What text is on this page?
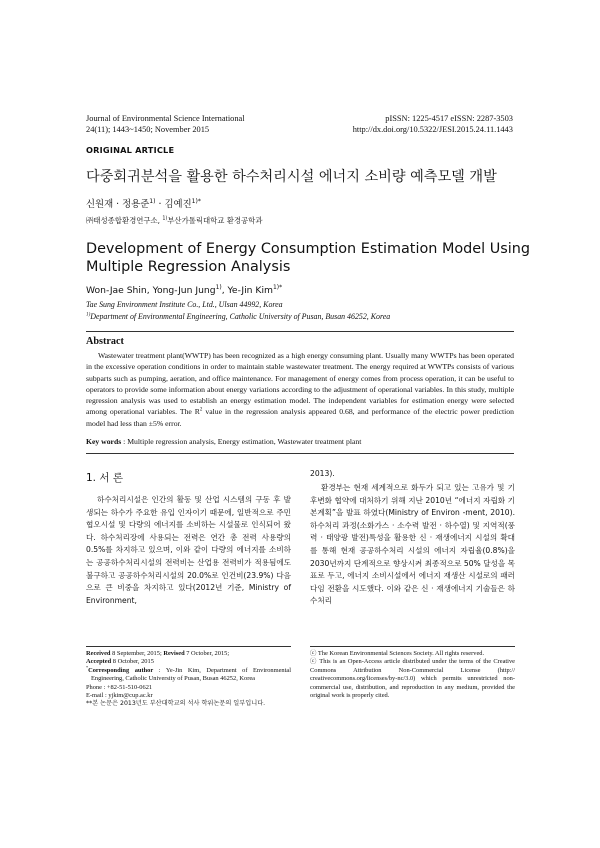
Journal of Environmental Science International
24(11); 1443~1450; November 2015
pISSN: 1225-4517 eISSN: 2287-3503
http://dx.doi.org/10.5322/JESI.2015.24.11.1443
ORIGINAL ARTICLE
다중회귀분석을 활용한 하수처리시설 에너지 소비량 예측모델 개발
신원재 · 정용준$^{1)}$ · 김예진$^{1)*}$
㈜태성종합환경연구소, $^{1)}$부산가톨릭대학교 환경공학과
Development of Energy Consumption Estimation Model Using
Multiple Regression Analysis
Won-Jae Shin, Yong-Jun Jung$^{1)}$, Ye-Jin Kim$^{1)*}$
Tae Sung Environment Institute Co., Ltd., Ulsan 44992, Korea
$^{1)}$Department of Environmental Engineering, Catholic University of Pusan, Busan 46252, Korea
Abstract
Wastewater treatment plant(WWTP) has been recognized as a high energy consuming plant. Usually many WWTPs has been operated in the excessive operation conditions in order to maintain stable wastewater treatment. The energy required at WWTPs consists of various subparts such as pumping, aeration, and office maintenance. For management of energy comes from process operation, it can be useful to operators to provide some information about energy variations according to the adjustment of operational variables. In this study, multiple regression analysis was used to establish an energy estimation model. The independent variables for estimation energy were selected among operational variables. The $R^2$ value in the regression analysis appeared 0.68, and performance of the electric power prediction model had less than ±5% error.
Key words : Multiple regression analysis, Energy estimation, Wastewater treatment plant
1. 서 론
하수처리시설은 인간의 활동 및 산업 시스템의 구동 후 발생되는 하수가 주요한 유입 인자이기 때문에, 일반적으로 주민 협오시설 및 다량의 에너지를 소비하는 시설물로 인식되어 왔다. 하수처리장에 사용되는 전력은 연간 총 전력 사용량의 0.5%를 차지하고 있으며, 이와 같이 다량의 에너지를 소비하는 공공하수처리시설의 전력비는 산업용 전력비가 적용됨에도 불구하고 공공하수처리시설의 20.0%로 인건비(23.9%) 다음으로 큰 비중을 차지하고 있다(2012년 기준, Ministry of Environment,
2013).
환경부는 현재 세계적으로 화두가 되고 있는 고유가 및 기후변화 협약에 대처하기 위해 지난 2010년 “에너지 자립화 기본계획”을 발표 하였다(Ministry of Environ -ment, 2010). 하수처리 과정(소화가스 · 소수력 발전 · 하수열) 및 지역적(풍력 · 태양광 발전)특성을 활용한 신 · 재생에너지 시설의 확대를 통해 현재 공공하수처리 시설의 에너지 자립율(0.8%)을 2030년까지 단계적으로 향상시켜 최종적으로 50% 달성을 목표로 두고, 에너지 소비시설에서 에너지 재생산 시설로의 패러다임 전환을 시도했다. 이와 같은 신 · 재생에너지 기술들은 하수처리
Received 8 September, 2015; Revised 7 October, 2015;
Accepted 8 October, 2015
*Corresponding author : Ye-Jin Kim, Department of Environmental Engineering, Catholic University of Pusan, Busan 46252, Korea
Phone : +82-51-510-0621
E-mail : yjkim@cup.ac.kr
**본 논문은 2013년도 부산대학교의 석사 학위논문의 일부입니다.
ⓒ The Korean Environmental Sciences Society. All rights reserved.
ⓒ This is an Open-Access article distributed under the terms of the Creative Commons Attribution Non-Commercial License (http:// creativecommons.org/licenses/by-nc/3.0) which permits unrestricted non-commercial use, distribution, and reproduction in any medium, provided the original work is properly cited.
